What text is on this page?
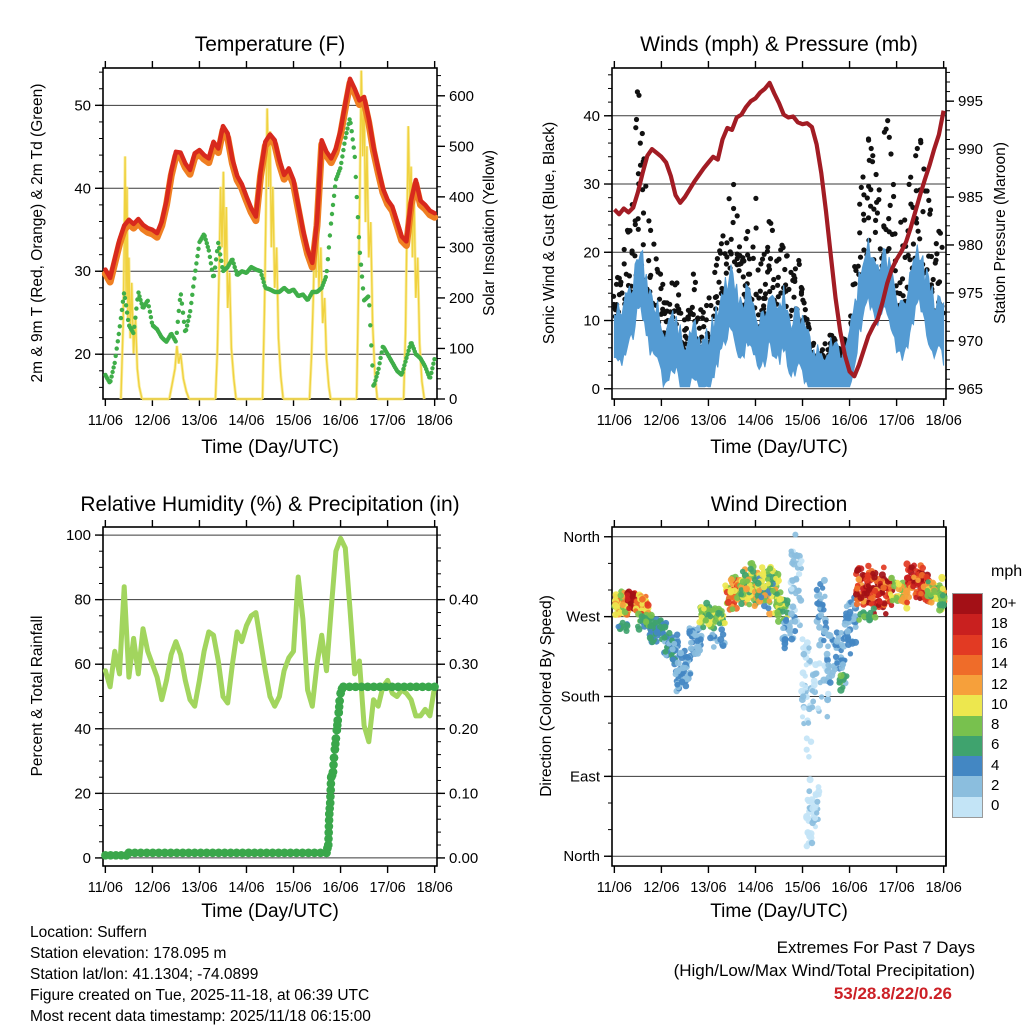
11/06 12/06 13/06 14/06 15/06 16/06 17/06 18/06
20
30
40
50
0
100
200
300
400
500
600
11/06 12/06 13/06 14/06 15/06 16/06 17/06 18/06
0
10
20
30
40
965
970
975
980
985
990
995
11/06 12/06 13/06 14/06 15/06 16/06 17/06 18/06
0
20
40
60
80
100
0.00
0.10
0.20
0.30
0.40
11/06 12/06 13/06 14/06 15/06 16/06 17/06 18/06
North
West
South
East
North
Temperature (F)	Winds (mph) & Pressure (mb)
Relative Humidity (%) & Precipitation (in)	Wind Direction
2m & 9m T (Red, Orange) & 2m Td (Green)	Solar Insolation (Yellow)	Sonic Wind & Gust (Blue, Black)	Station Pressure (Maroon)
Percent & Total Rainfall	Direction (Colored By Speed)
Time (Day/UTC)	Time (Day/UTC)
Time (Day/UTC)	Time (Day/UTC)
mph
20+
18
16
14
12
10
8
6
4
2
0
Location: Suffern
Station elevation: 178.095 m
Station lat/lon: 41.1304; -74.0899
Figure created on Tue, 2025-11-18, at 06:39 UTC
Most recent data timestamp: 2025/11/18 06:15:00
Extremes For Past 7 Days
(High/Low/Max Wind/Total Precipitation)
53/28.8/22/0.26
